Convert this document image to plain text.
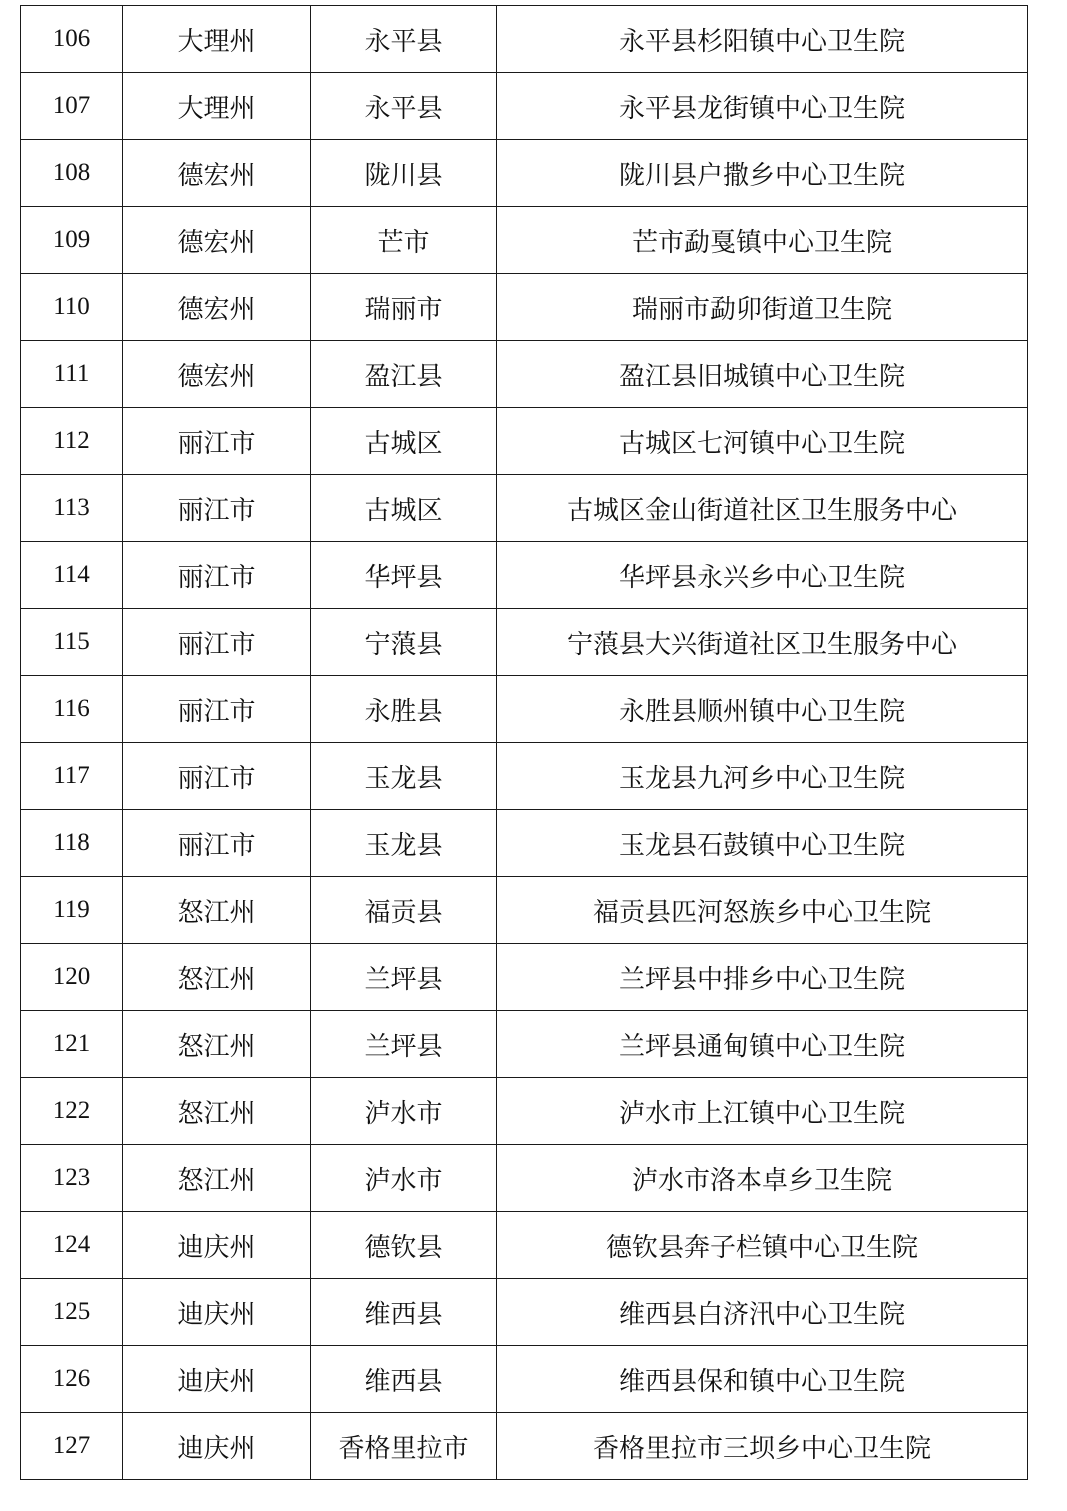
106	大理州	永平县	永平县杉阳镇中心卫生院
107	大理州	永平县	永平县龙街镇中心卫生院
108	德宏州	陇川县	陇川县户撒乡中心卫生院
109	德宏州	芒市	芒市勐戛镇中心卫生院
110	德宏州	瑞丽市	瑞丽市勐卯街道卫生院
111	德宏州	盈江县	盈江县旧城镇中心卫生院
112	丽江市	古城区	古城区七河镇中心卫生院
113	丽江市	古城区	古城区金山街道社区卫生服务中心
114	丽江市	华坪县	华坪县永兴乡中心卫生院
115	丽江市	宁蒗县	宁蒗县大兴街道社区卫生服务中心
116	丽江市	永胜县	永胜县顺州镇中心卫生院
117	丽江市	玉龙县	玉龙县九河乡中心卫生院
118	丽江市	玉龙县	玉龙县石鼓镇中心卫生院
119	怒江州	福贡县	福贡县匹河怒族乡中心卫生院
120	怒江州	兰坪县	兰坪县中排乡中心卫生院
121	怒江州	兰坪县	兰坪县通甸镇中心卫生院
122	怒江州	泸水市	泸水市上江镇中心卫生院
123	怒江州	泸水市	泸水市洛本卓乡卫生院
124	迪庆州	德钦县	德钦县奔子栏镇中心卫生院
125	迪庆州	维西县	维西县白济汛中心卫生院
126	迪庆州	维西县	维西县保和镇中心卫生院
127	迪庆州	香格里拉市	香格里拉市三坝乡中心卫生院
